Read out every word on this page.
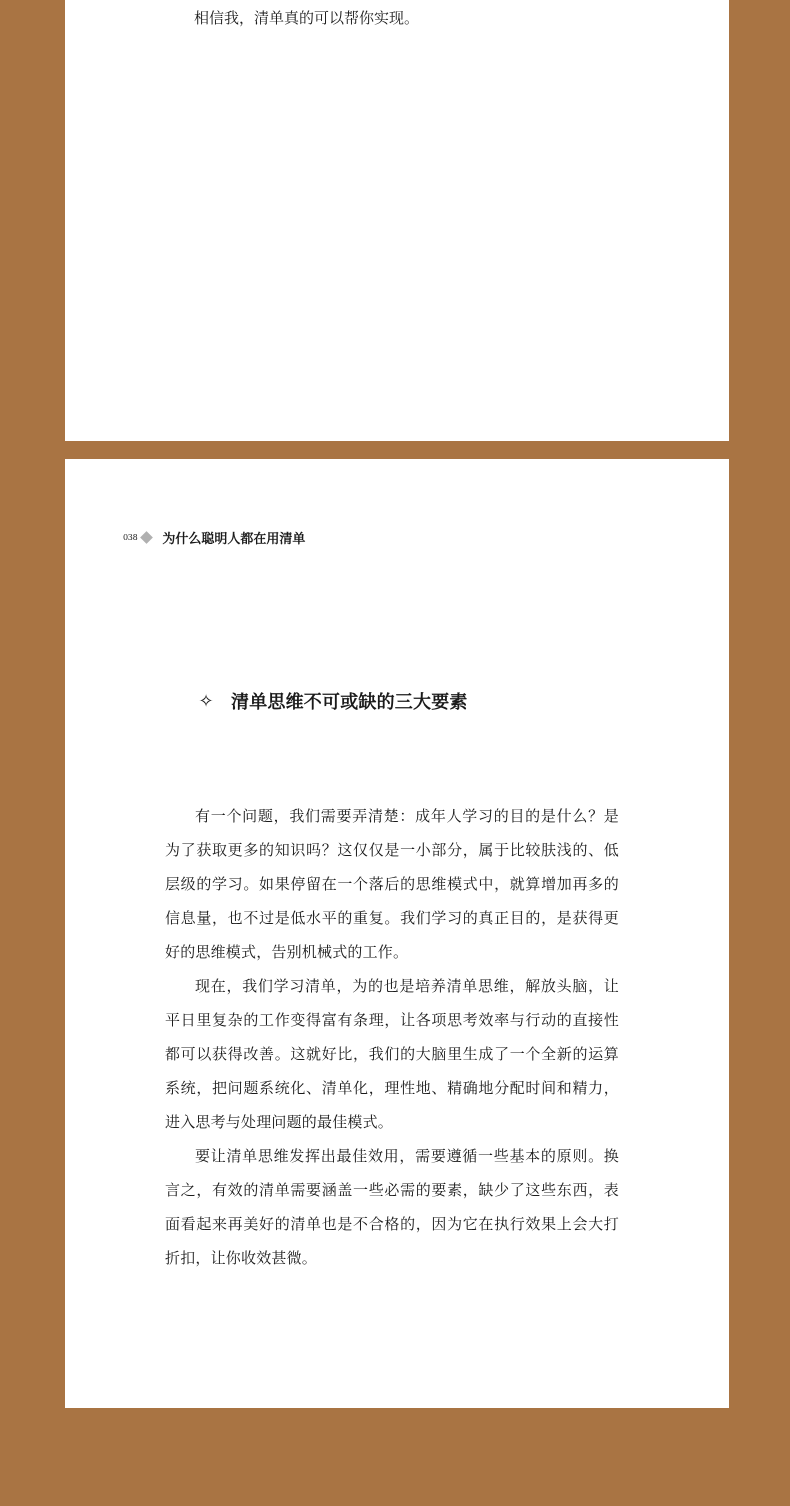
相信我，清单真的可以帮你实现。
038 为什么聪明人都在用清单
✧ 清单思维不可或缺的三大要素

有一个问题，我们需要弄清楚：成年人学习的目的是什么？是为了获取更多的知识吗？这仅仅是一小部分，属于比较肤浅的、低层级的学习。如果停留在一个落后的思维模式中，就算增加再多的信息量，也不过是低水平的重复。我们学习的真正目的，是获得更好的思维模式，告别机械式的工作。

现在，我们学习清单，为的也是培养清单思维，解放头脑，让平日里复杂的工作变得富有条理，让各项思考效率与行动的直接性都可以获得改善。这就好比，我们的大脑里生成了一个全新的运算系统，把问题系统化、清单化，理性地、精确地分配时间和精力，进入思考与处理问题的最佳模式。

要让清单思维发挥出最佳效用，需要遵循一些基本的原则。换言之，有效的清单需要涵盖一些必需的要素，缺少了这些东西，表面看起来再美好的清单也是不合格的，因为它在执行效果上会大打折扣，让你收效甚微。
